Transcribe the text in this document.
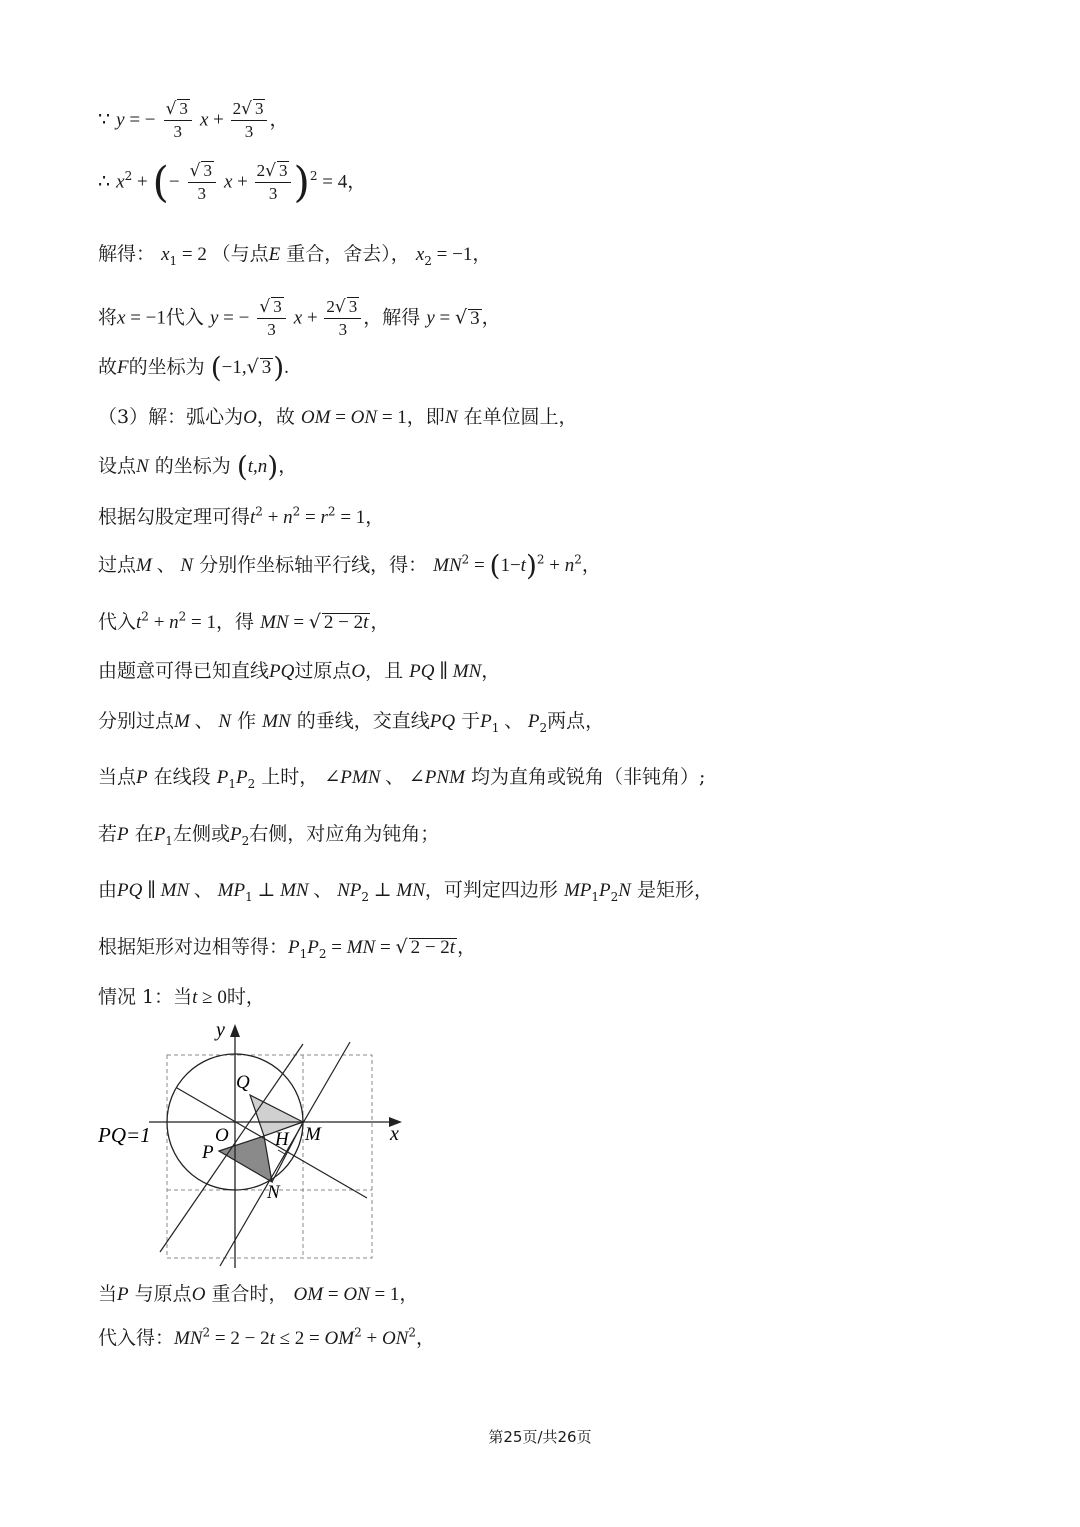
∵ y = − $\frac{√ 3}{3}$ $x + \frac{2√ 3}{3}$ ，
∴ $x^2$ + (− $\frac{√ 3}{3}$ $x + \frac{2√ 3}{3} )^2 = 4$，
解得： $x_1 = 2$ （与点E 重合，舍去）， $x_2 = -1$，
将x = −1代入 y = − $\frac{√ 3}{3}$ $x + \frac{2√ 3}{3}$ ，解得 y = √ 3 ，
故F的坐标为 (−1,√ 3).
（3）解：弧心为O，故 OM = ON = 1，即N 在单位圆上，
设点N 的坐标为 (t,n)，
根据勾股定理可得$t^2 + n^2 = r^2 = 1$，
过点M 、 N 分别作坐标轴平行线，得： $MN^2 = (1-t)^2 + n^2$，
代入$t^2 + n^2 = 1$，得 MN = √ 2 − 2t ，
由题意可得已知直线PQ过原点O，且 PQ ∥ MN，
分别过点M 、 N 作 MN 的垂线，交直线PQ 于$P_1$ 、 $P_2$两点，
当点P 在线段 $P_1P_2$ 上时， ∠PMN 、 ∠PNM 均为直角或锐角（非钝角）;
若P 在$P_1$左侧或$P_2$右侧，对应角为钝角；
由PQ ∥ MN 、 $MP_1$ ⊥ MN 、 $NP_2$ ⊥ MN，可判定四边形 $MP_1P_2N$ 是矩形，
根据矩形对边相等得：$P_1P_2$ = MN = √ 2 − 2t ，
情况 1：当t ≥ 0时，
y
x
Q
O H M
P
N
PQ=1
当P 与原点O 重合时， OM = ON = 1，
代入得：$MN^2 = 2 - 2t \le 2 = OM^2 + ON^2$，
第25页/共26页
